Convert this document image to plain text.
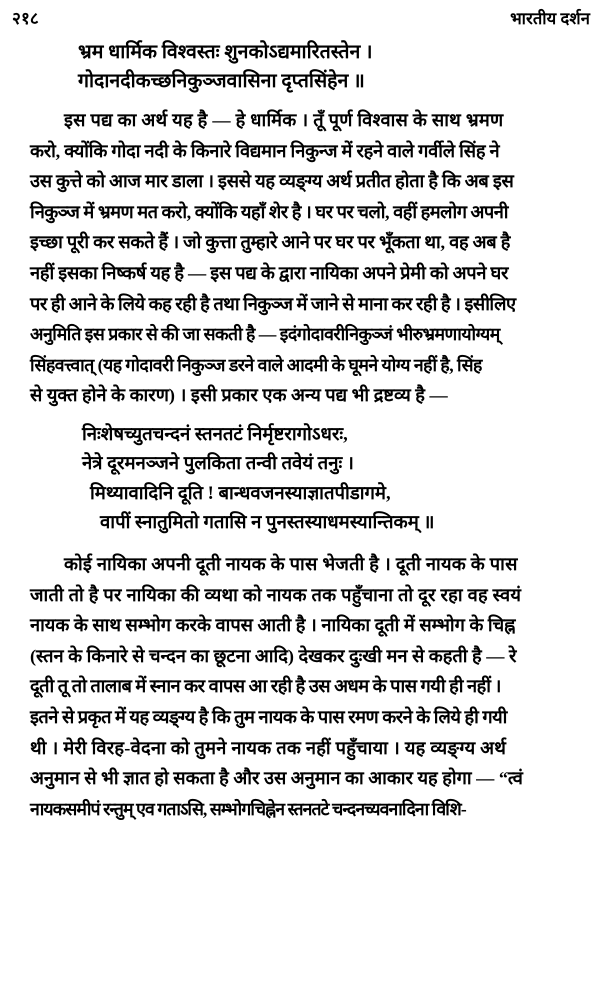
२१८	भारतीय दर्शन
भ्रम धार्मिक विश्वस्तः शुनकोऽद्यमारितस्तेन ।
गोदानदीकच्छनिकुञ्जवासिना दृप्तसिंहेन ॥

इस पद्य का अर्थ यह है — हे धार्मिक । तूँ पूर्ण विश्वास के साथ भ्रमण
करो, क्योंकि गोदा नदी के किनारे विद्यमान निकुन्ज में रहने वाले गर्वीले सिंह ने
उस कुत्ते को आज मार डाला । इससे यह व्यङ्ग्य अर्थ प्रतीत होता है कि अब इस
निकुञ्ज में भ्रमण मत करो, क्योंकि यहाँ शेर है । घर पर चलो, वहीं हमलोग अपनी
इच्छा पूरी कर सकते हैं । जो कुत्ता तुम्हारे आने पर घर पर भूँकता था, वह अब है
नहीं इसका निष्कर्ष यह है — इस पद्य के द्वारा नायिका अपने प्रेमी को अपने घर
पर ही आने के लिये कह रही है तथा निकुञ्ज में जाने से माना कर रही है । इसीलिए
अनुमिति इस प्रकार से की जा सकती है — इदंगोदावरीनिकुञ्जं भीरुभ्रमणायोग्यम्
सिंहवत्त्वात् (यह गोदावरी निकुञ्ज डरने वाले आदमी के घूमने योग्य नहीं है, सिंह
से युक्त होने के कारण) । इसी प्रकार एक अन्य पद्य भी द्रष्टव्य है —

निःशेषच्युतचन्दनं स्तनतटं निर्मृष्टरागोऽधरः,
नेत्रे दूरमनञ्जने पुलकिता तन्वी तवेयं तनुः ।
मिथ्यावादिनि दूति ! बान्धवजनस्याज्ञातपीडागमे,
वापीं स्नातुमितो गतासि न पुनस्तस्याधमस्यान्तिकम् ॥

कोई नायिका अपनी दूती नायक के पास भेजती है । दूती नायक के पास
जाती तो है पर नायिका की व्यथा को नायक तक पहुँचाना तो दूर रहा वह स्वयं
नायक के साथ सम्भोग करके वापस आती है । नायिका दूती में सम्भोग के चिह्न
(स्तन के किनारे से चन्दन का छूटना आदि) देखकर दुःखी मन से कहती है — रे
दूती तू तो तालाब में स्नान कर वापस आ रही है उस अधम के पास गयी ही नहीं ।
इतने से प्रकृत में यह व्यङ्ग्य है कि तुम नायक के पास रमण करने के लिये ही गयी
थी । मेरी विरह-वेदना को तुमने नायक तक नहीं पहुँचाया । यह व्यङ्ग्य अर्थ
अनुमान से भी ज्ञात हो सकता है और उस अनुमान का आकार यह होगा — “त्वं
नायकसमीपं रन्तुम् एव गताऽसि, सम्भोगचिह्नेन स्तनतटे चन्दनच्यवनादिना विशि-
